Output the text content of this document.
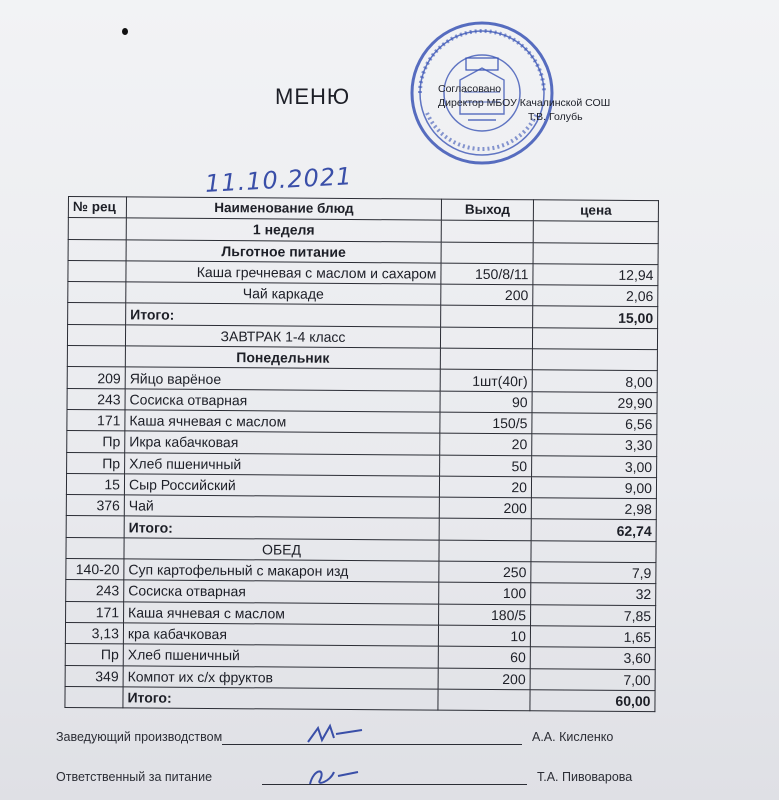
МЕНЮ	Согласовано
Директор МБОУ Качалинской СОШ
Т.В. Голубь
11.10.2021
№ рец	Наименование блюд	Выход	цена
	1 неделя		
	Льготное питание		
	Каша гречневая с маслом и сахаром	150/8/11	12,94
	Чай каркаде	200	2,06
	Итого:		15,00
	ЗАВТРАК 1-4 класс		
	Понедельник		
209	Яйцо варёное	1шт(40г)	8,00
243	Сосиска отварная	90	29,90
171	Каша ячневая с маслом	150/5	6,56
Пр	Икра кабачковая	20	3,30
Пр	Хлеб пшеничный	50	3,00
15	Сыр Российский	20	9,00
376	Чай	200	2,98
	Итого:		62,74
	ОБЕД		
140-20	Суп картофельный с макарон изд	250	7,9
243	Сосиска отварная	100	32
171	Каша ячневая с маслом	180/5	7,85
3,13	кра кабачковая	10	1,65
Пр	Хлеб пшеничный	60	3,60
349	Компот их с/х фруктов	200	7,00
	Итого:		60,00
Заведующий производством	А.А. Кисленко
Ответственный за питание	Т.А. Пивоварова
